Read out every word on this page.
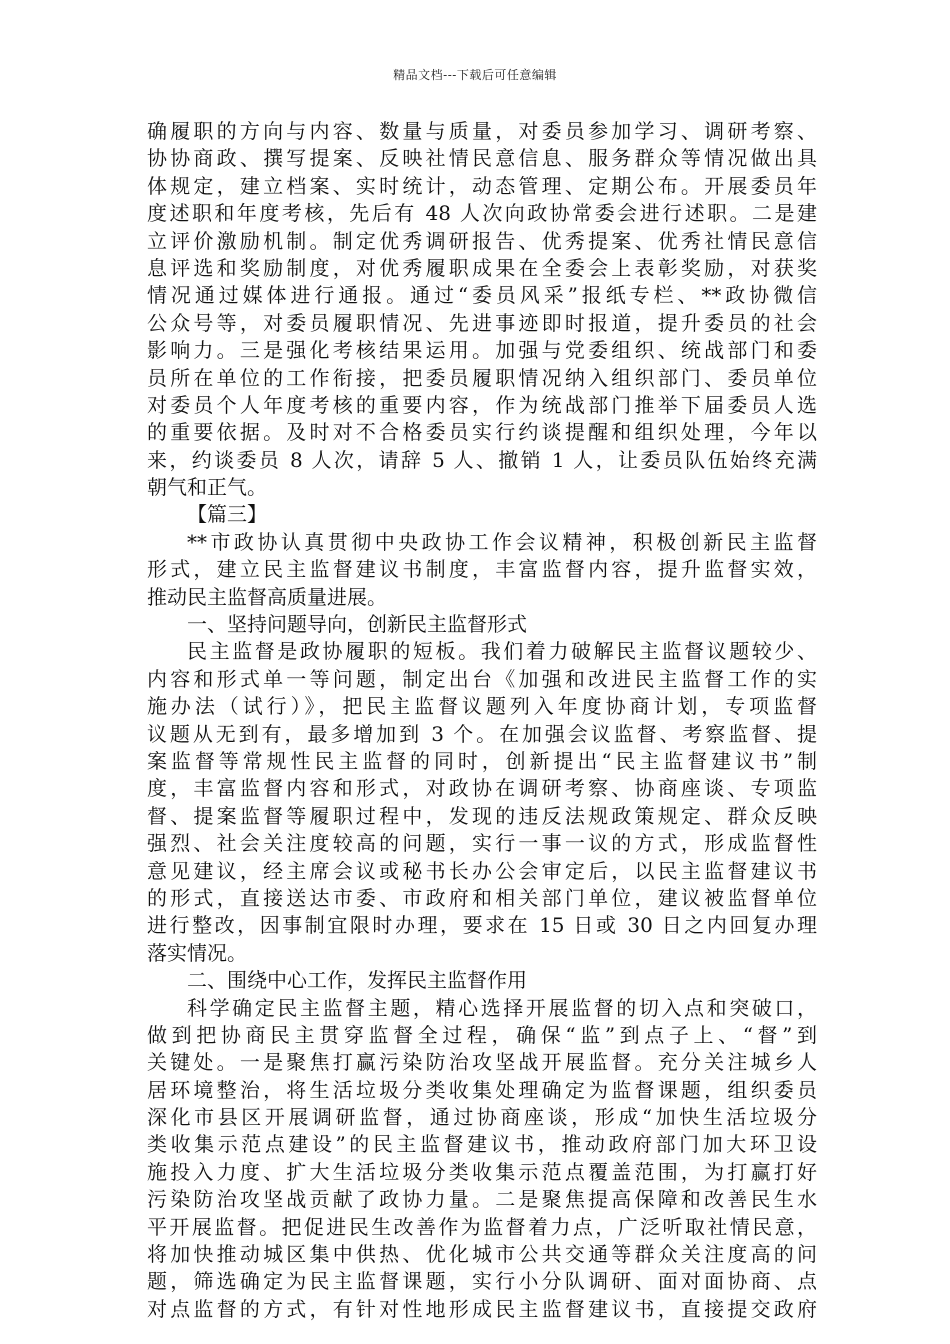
精品文档---下载后可任意编辑
确履职的方向与内容、数量与质量，对委员参加学习、调研考察、
协协商政、撰写提案、反映社情民意信息、服务群众等情况做出具
体规定，建立档案、实时统计，动态管理、定期公布。开展委员年
度述职和年度考核，先后有 48 人次向政协常委会进行述职。二是建
立评价激励机制。制定优秀调研报告、优秀提案、优秀社情民意信
息评选和奖励制度，对优秀履职成果在全委会上表彰奖励，对获奖
情况通过媒体进行通报。通过“委员风采”报纸专栏、**政协微信
公众号等，对委员履职情况、先进事迹即时报道，提升委员的社会
影响力。三是强化考核结果运用。加强与党委组织、统战部门和委
员所在单位的工作衔接，把委员履职情况纳入组织部门、委员单位
对委员个人年度考核的重要内容，作为统战部门推举下届委员人选
的重要依据。及时对不合格委员实行约谈提醒和组织处理，今年以
来，约谈委员 8 人次，请辞 5 人、撤销 1 人，让委员队伍始终充满
朝气和正气。
【篇三】
**市政协认真贯彻中央政协工作会议精神，积极创新民主监督
形式，建立民主监督建议书制度，丰富监督内容，提升监督实效，
推动民主监督高质量进展。
一、坚持问题导向，创新民主监督形式
民主监督是政协履职的短板。我们着力破解民主监督议题较少、
内容和形式单一等问题，制定出台《加强和改进民主监督工作的实
施办法（试行）》，把民主监督议题列入年度协商计划，专项监督
议题从无到有，最多增加到 3 个。在加强会议监督、考察监督、提
案监督等常规性民主监督的同时，创新提出“民主监督建议书”制
度，丰富监督内容和形式，对政协在调研考察、协商座谈、专项监
督、提案监督等履职过程中，发现的违反法规政策规定、群众反映
强烈、社会关注度较高的问题，实行一事一议的方式，形成监督性
意见建议，经主席会议或秘书长办公会审定后，以民主监督建议书
的形式，直接送达市委、市政府和相关部门单位，建议被监督单位
进行整改，因事制宜限时办理，要求在 15 日或 30 日之内回复办理
落实情况。
二、围绕中心工作，发挥民主监督作用
科学确定民主监督主题，精心选择开展监督的切入点和突破口，
做到把协商民主贯穿监督全过程，确保“监”到点子上、“督”到
关键处。一是聚焦打赢污染防治攻坚战开展监督。充分关注城乡人
居环境整治，将生活垃圾分类收集处理确定为监督课题，组织委员
深化市县区开展调研监督，通过协商座谈，形成“加快生活垃圾分
类收集示范点建设”的民主监督建议书，推动政府部门加大环卫设
施投入力度、扩大生活垃圾分类收集示范点覆盖范围，为打赢打好
污染防治攻坚战贡献了政协力量。二是聚焦提高保障和改善民生水
平开展监督。把促进民生改善作为监督着力点，广泛听取社情民意，
将加快推动城区集中供热、优化城市公共交通等群众关注度高的问
题，筛选确定为民主监督课题，实行小分队调研、面对面协商、点
对点监督的方式，有针对性地形成民主监督建议书，直接提交政府
